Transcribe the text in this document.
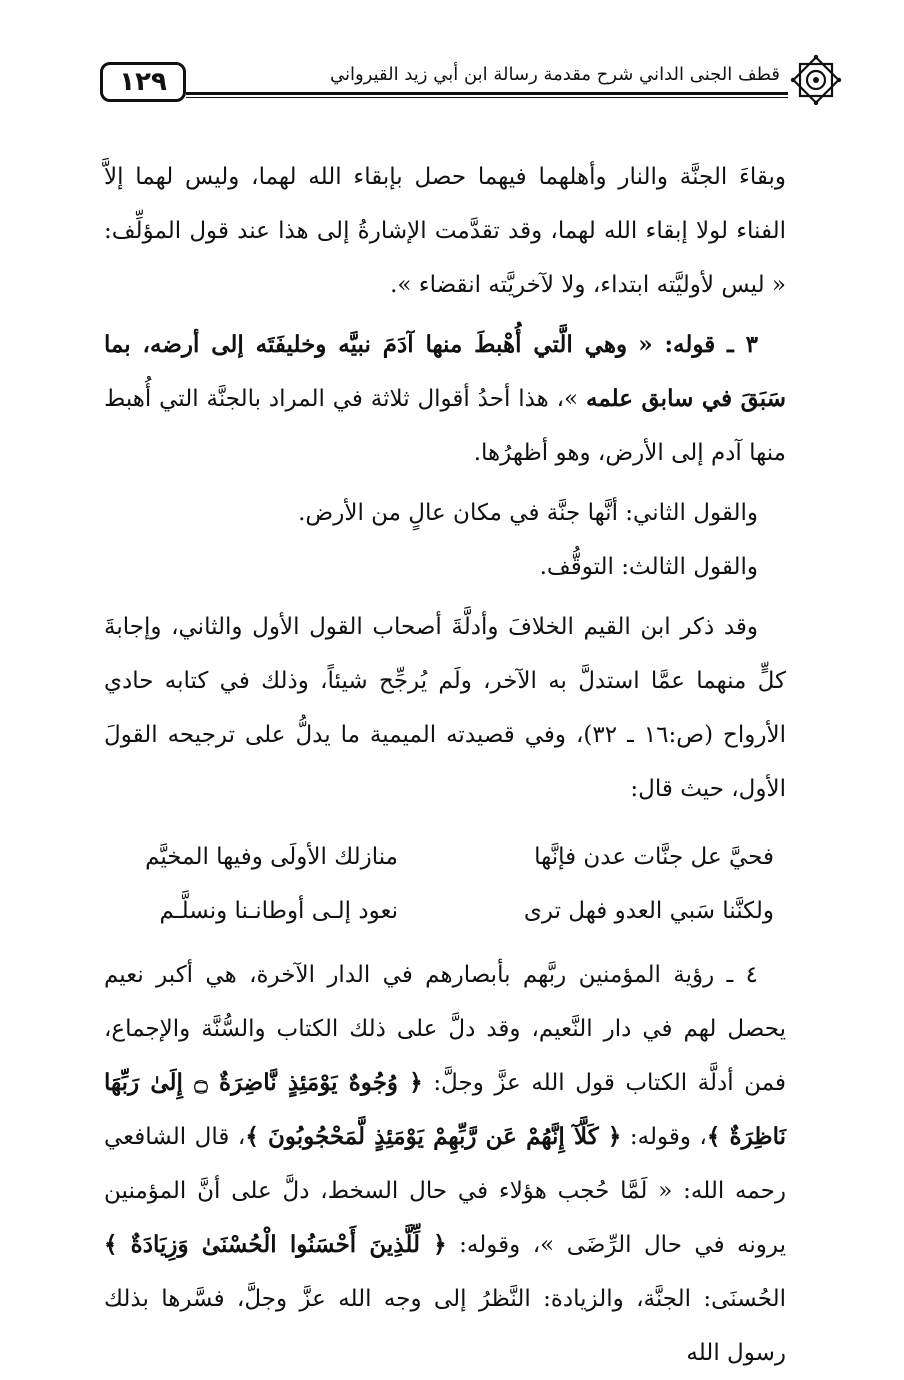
١٢٩	قطف الجنى الداني شرح مقدمة رسالة ابن أبي زيد القيرواني

وبقاءَ الجنَّة والنار وأهلهما فيهما حصل بإبقاء الله لهما، وليس لهما إلاَّ الفناء لولا إبقاء الله لهما، وقد تقدَّمت الإشارةُ إلى هذا عند قول المؤلِّف: « ليس لأوليَّته ابتداء، ولا لآخريَّته انقضاء ».

٣ ـ قوله: « وهي الَّتي أُهْبطَ منها آدَمَ نبيَّه وخليفَتَه إلى أرضه، بما سَبَقَ في سابق علمه »، هذا أحدُ أقوال ثلاثة في المراد بالجنَّة التي أُهبط منها آدم إلى الأرض، وهو أظهرُها.

والقول الثاني: أنَّها جنَّة في مكان عالٍ من الأرض.

والقول الثالث: التوقُّف.

وقد ذكر ابن القيم الخلافَ وأدلَّةَ أصحاب القول الأول والثاني، وإجابةَ كلٍّ منهما عمَّا استدلَّ به الآخر، ولَم يُرجِّح شيئاً، وذلك في كتابه حادي الأرواح (ص:١٦ ـ ٣٢)، وفي قصيدته الميمية ما يدلُّ على ترجيحه القولَ الأول، حيث قال:

فحيَّ عل جنَّات عدن فإنَّها
منازلك الأولَى وفيها المخيَّم
ولكنَّنا سَبي العدو فهل ترى
نعود إلـى أوطانـنا ونسلَّـم

٤ ـ رؤية المؤمنين ربَّهم بأبصارهم في الدار الآخرة، هي أكبر نعيم يحصل لهم في دار النَّعيم، وقد دلَّ على ذلك الكتاب والسُّنَّة والإجماع، فمن أدلَّة الكتاب قول الله عزَّ وجلَّ: ﴿ وُجُوهٌ يَوْمَئِذٍ نَّاضِرَةٌ ۝ إِلَىٰ رَبِّهَا نَاظِرَةٌ ﴾، وقوله: ﴿ كَلَّآ إِنَّهُمْ عَن رَّبِّهِمْ يَوْمَئِذٍ لَّمَحْجُوبُونَ ﴾، قال الشافعي رحمه الله: « لَمَّا حُجب هؤلاء في حال السخط، دلَّ على أنَّ المؤمنين يرونه في حال الرِّضَى »، وقوله: ﴿ لِّلَّذِينَ أَحْسَنُوا الْحُسْنَىٰ وَزِيَادَةٌ ﴾ الحُسنَى: الجنَّة، والزيادة: النَّظرُ إلى وجه الله عزَّ وجلَّ، فسَّرها بذلك رسول الله
